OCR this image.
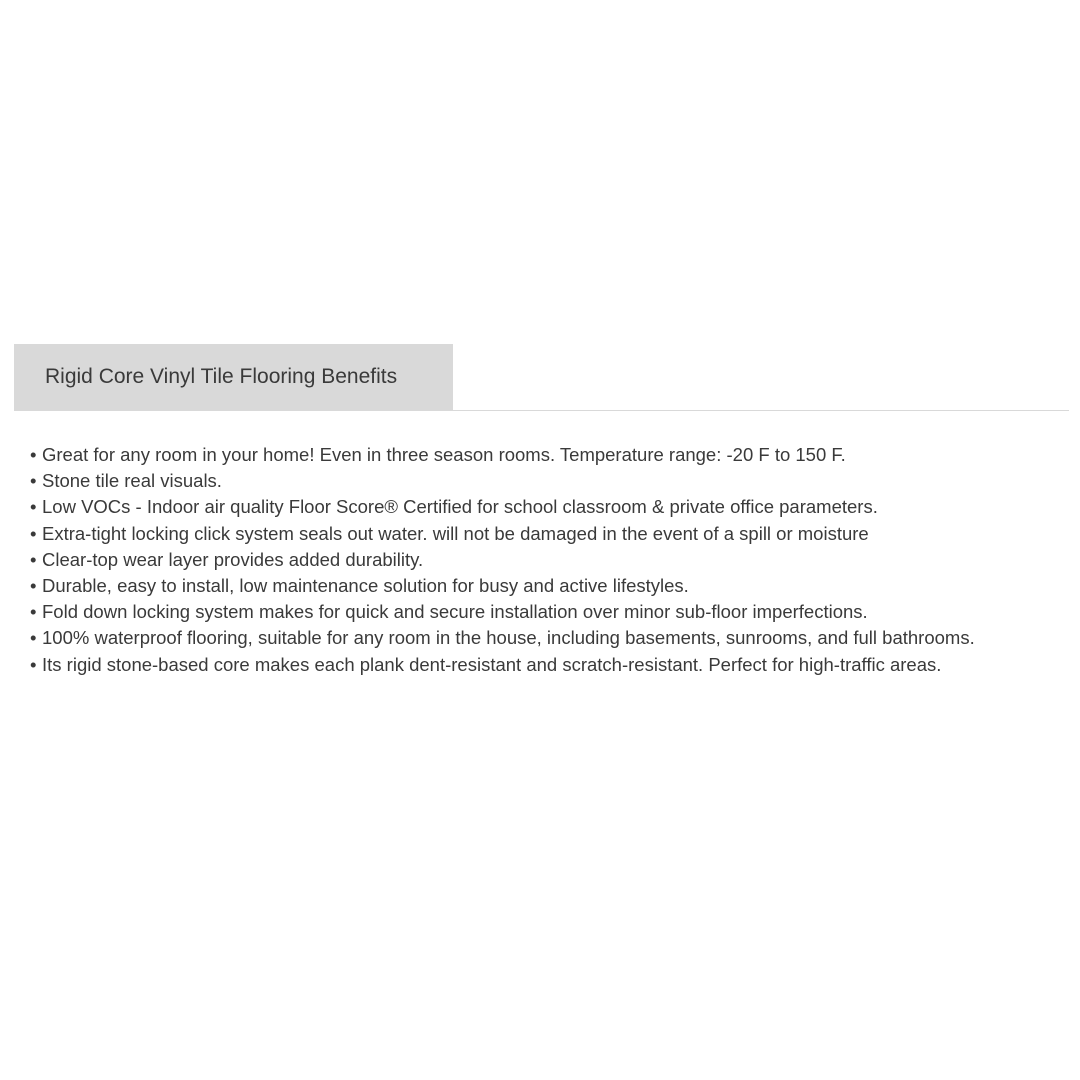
Rigid Core Vinyl Tile Flooring Benefits
• Great for any room in your home! Even in three season rooms. Temperature range: -20 F to 150 F.
• Stone tile real visuals.
• Low VOCs - Indoor air quality Floor Score® Certified for school classroom & private office parameters.
• Extra-tight locking click system seals out water. will not be damaged in the event of a spill or moisture
• Clear-top wear layer provides added durability.
• Durable, easy to install, low maintenance solution for busy and active lifestyles.
• Fold down locking system makes for quick and secure installation over minor sub-floor imperfections.
• 100% waterproof flooring, suitable for any room in the house, including basements, sunrooms, and full bathrooms.
• Its rigid stone-based core makes each plank dent-resistant and scratch-resistant. Perfect for high-traffic areas.
